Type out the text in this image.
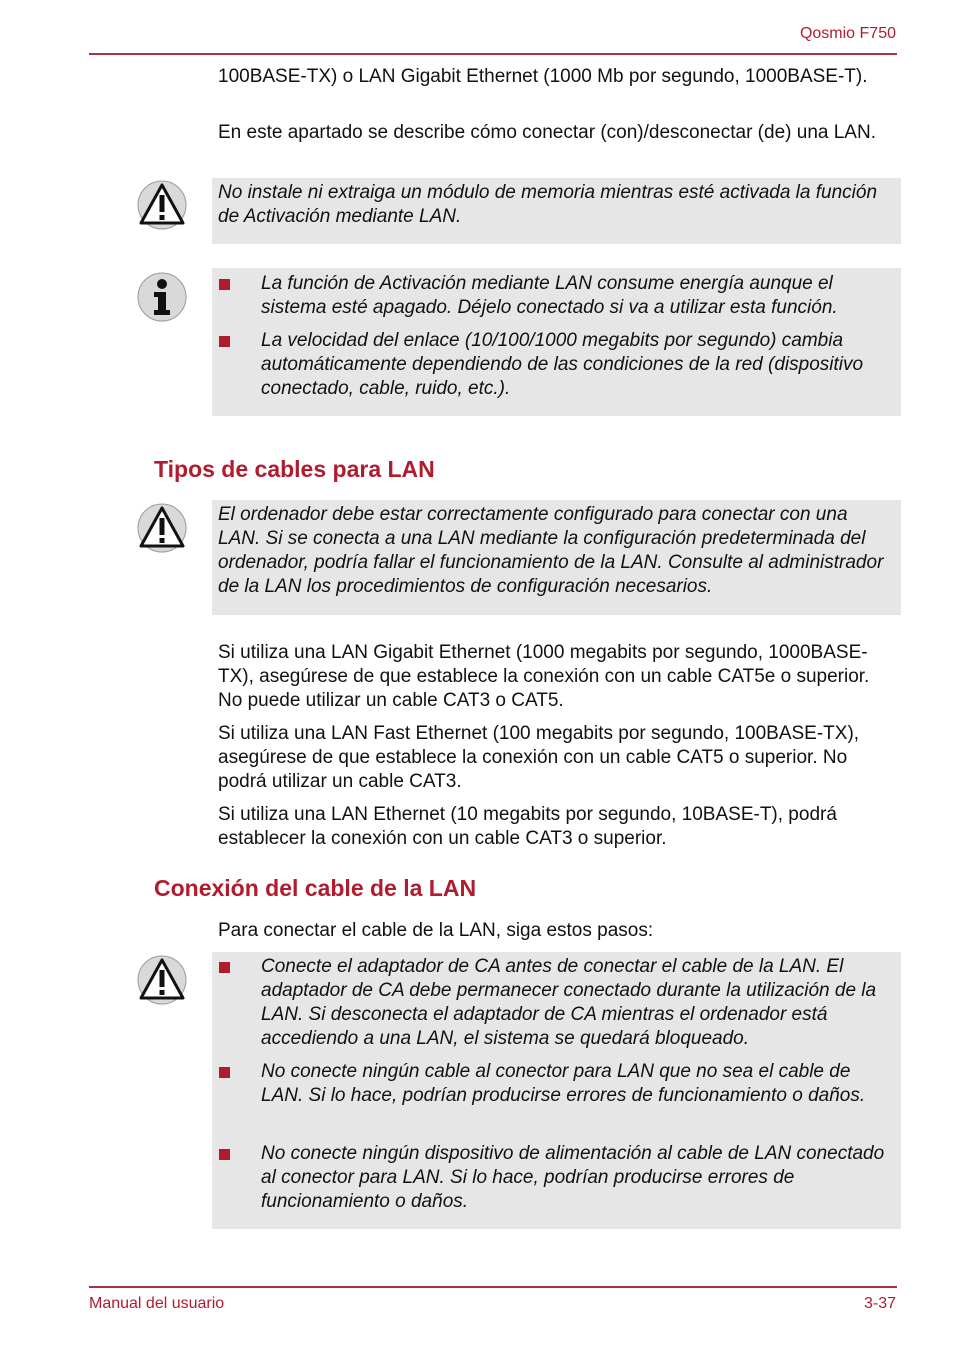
Qosmio F750
100BASE-TX) o LAN Gigabit Ethernet (1000 Mb por segundo, 1000BASE-T).
En este apartado se describe cómo conectar (con)/desconectar (de) una LAN.
No instale ni extraiga un módulo de memoria mientras esté activada la función de Activación mediante LAN.
La función de Activación mediante LAN consume energía aunque el sistema esté apagado. Déjelo conectado si va a utilizar esta función.
La velocidad del enlace (10/100/1000 megabits por segundo) cambia automáticamente dependiendo de las condiciones de la red (dispositivo conectado, cable, ruido, etc.).
Tipos de cables para LAN
El ordenador debe estar correctamente configurado para conectar con una LAN. Si se conecta a una LAN mediante la configuración predeterminada del ordenador, podría fallar el funcionamiento de la LAN. Consulte al administrador de la LAN los procedimientos de configuración necesarios.
Si utiliza una LAN Gigabit Ethernet (1000 megabits por segundo, 1000BASE-TX), asegúrese de que establece la conexión con un cable CAT5e o superior. No puede utilizar un cable CAT3 o CAT5.
Si utiliza una LAN Fast Ethernet (100 megabits por segundo, 100BASE-TX), asegúrese de que establece la conexión con un cable CAT5 o superior. No podrá utilizar un cable CAT3.
Si utiliza una LAN Ethernet (10 megabits por segundo, 10BASE-T), podrá establecer la conexión con un cable CAT3 o superior.
Conexión del cable de la LAN
Para conectar el cable de la LAN, siga estos pasos:
Conecte el adaptador de CA antes de conectar el cable de la LAN. El adaptador de CA debe permanecer conectado durante la utilización de la LAN. Si desconecta el adaptador de CA mientras el ordenador está accediendo a una LAN, el sistema se quedará bloqueado.
No conecte ningún cable al conector para LAN que no sea el cable de LAN. Si lo hace, podrían producirse errores de funcionamiento o daños.
No conecte ningún dispositivo de alimentación al cable de LAN conectado al conector para LAN. Si lo hace, podrían producirse errores de funcionamiento o daños.
Manual del usuario	3-37
